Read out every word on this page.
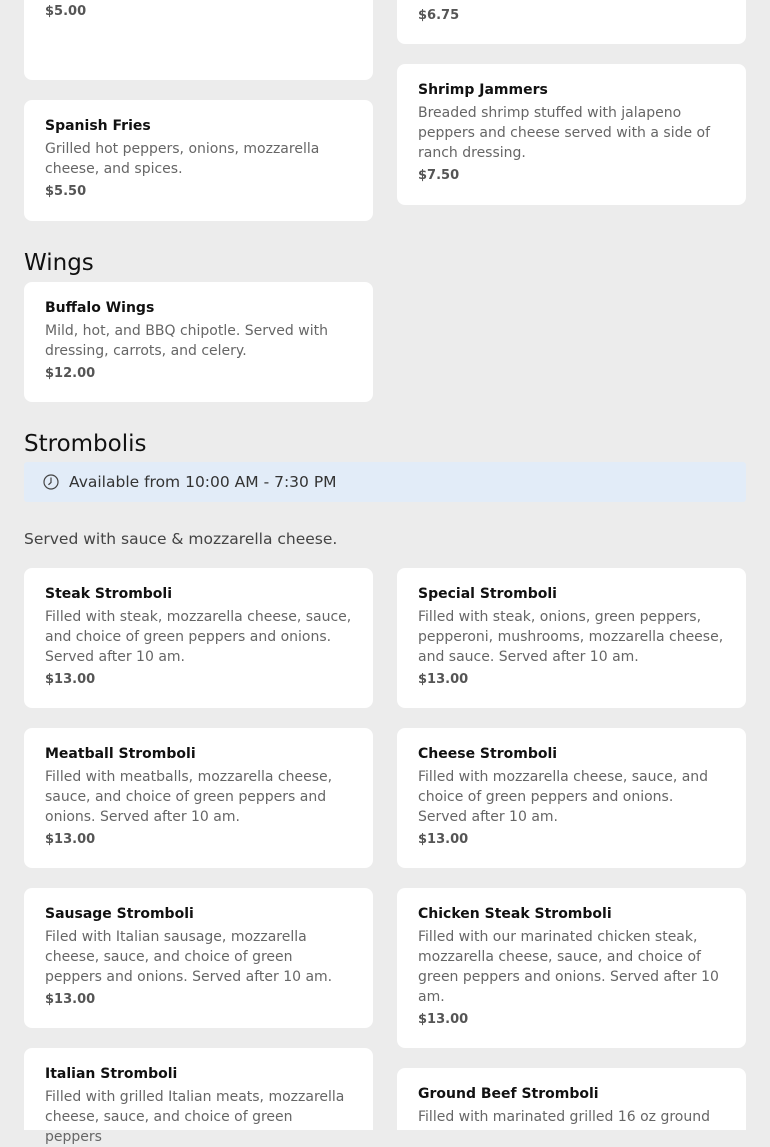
$5.00	$6.75
Spanish Fries
Grilled hot peppers, onions, mozzarella cheese, and spices.
$5.50
Shrimp Jammers
Breaded shrimp stuffed with jalapeno peppers and cheese served with a side of ranch dressing.
$7.50
Wings
Buffalo Wings
Mild, hot, and BBQ chipotle. Served with dressing, carrots, and celery.
$12.00
Strombolis
Available from 10:00 AM - 7:30 PM
Served with sauce & mozzarella cheese.
Steak Stromboli
Filled with steak, mozzarella cheese, sauce, and choice of green peppers and onions. Served after 10 am.
$13.00
Special Stromboli
Filled with steak, onions, green peppers, pepperoni, mushrooms, mozzarella cheese, and sauce. Served after 10 am.
$13.00
Meatball Stromboli
Filled with meatballs, mozzarella cheese, sauce, and choice of green peppers and onions. Served after 10 am.
$13.00
Cheese Stromboli
Filled with mozzarella cheese, sauce, and choice of green peppers and onions. Served after 10 am.
$13.00
Sausage Stromboli
Filed with Italian sausage, mozzarella cheese, sauce, and choice of green peppers and onions. Served after 10 am.
$13.00
Chicken Steak Stromboli
Filled with our marinated chicken steak, mozzarella cheese, sauce, and choice of green peppers and onions. Served after 10 am.
$13.00
Italian Stromboli
Filled with grilled Italian meats, mozzarella cheese, sauce, and choice of green peppers
Ground Beef Stromboli
Filled with marinated grilled 16 oz ground
